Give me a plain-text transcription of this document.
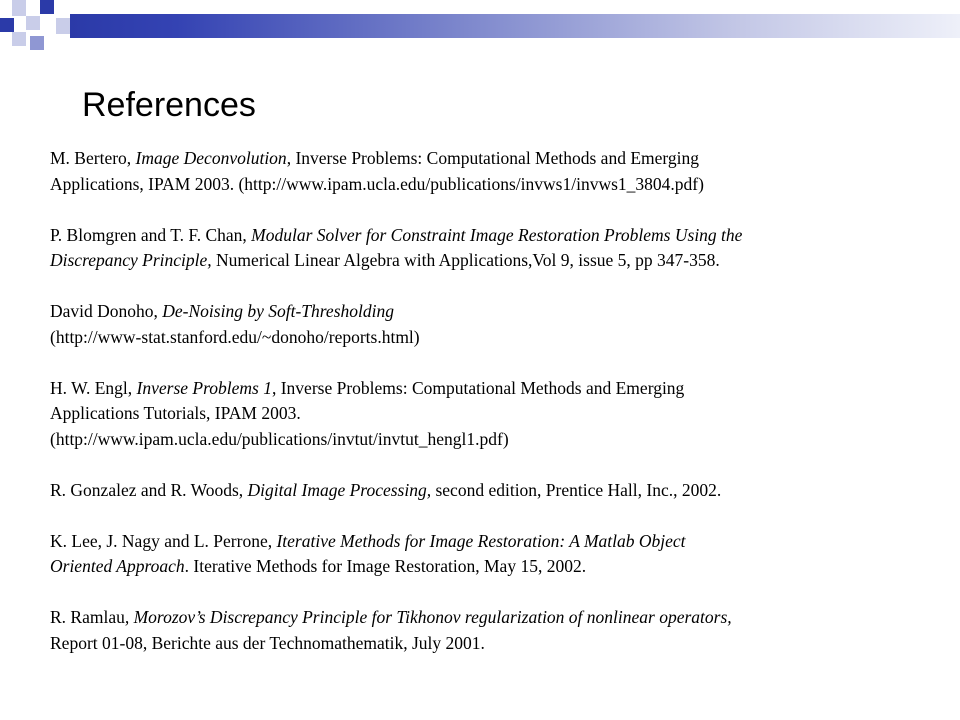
References
M. Bertero, Image Deconvolution, Inverse Problems: Computational Methods and Emerging
Applications, IPAM 2003. (http://www.ipam.ucla.edu/publications/invws1/invws1_3804.pdf)
P. Blomgren and T. F. Chan, Modular Solver for Constraint Image Restoration Problems Using the
Discrepancy Principle, Numerical Linear Algebra with Applications,Vol 9, issue 5, pp 347-358.
David Donoho, De-Noising by Soft-Thresholding
(http://www-stat.stanford.edu/~donoho/reports.html)
H. W. Engl, Inverse Problems 1, Inverse Problems: Computational Methods and Emerging
Applications Tutorials, IPAM 2003.
(http://www.ipam.ucla.edu/publications/invtut/invtut_hengl1.pdf)
R. Gonzalez and R. Woods, Digital Image Processing, second edition, Prentice Hall, Inc., 2002.
K. Lee, J. Nagy and L. Perrone, Iterative Methods for Image Restoration: A Matlab Object
Oriented Approach. Iterative Methods for Image Restoration, May 15, 2002.
R. Ramlau, Morozov’s Discrepancy Principle for Tikhonov regularization of nonlinear operators,
Report 01-08, Berichte aus der Technomathematik, July 2001.
